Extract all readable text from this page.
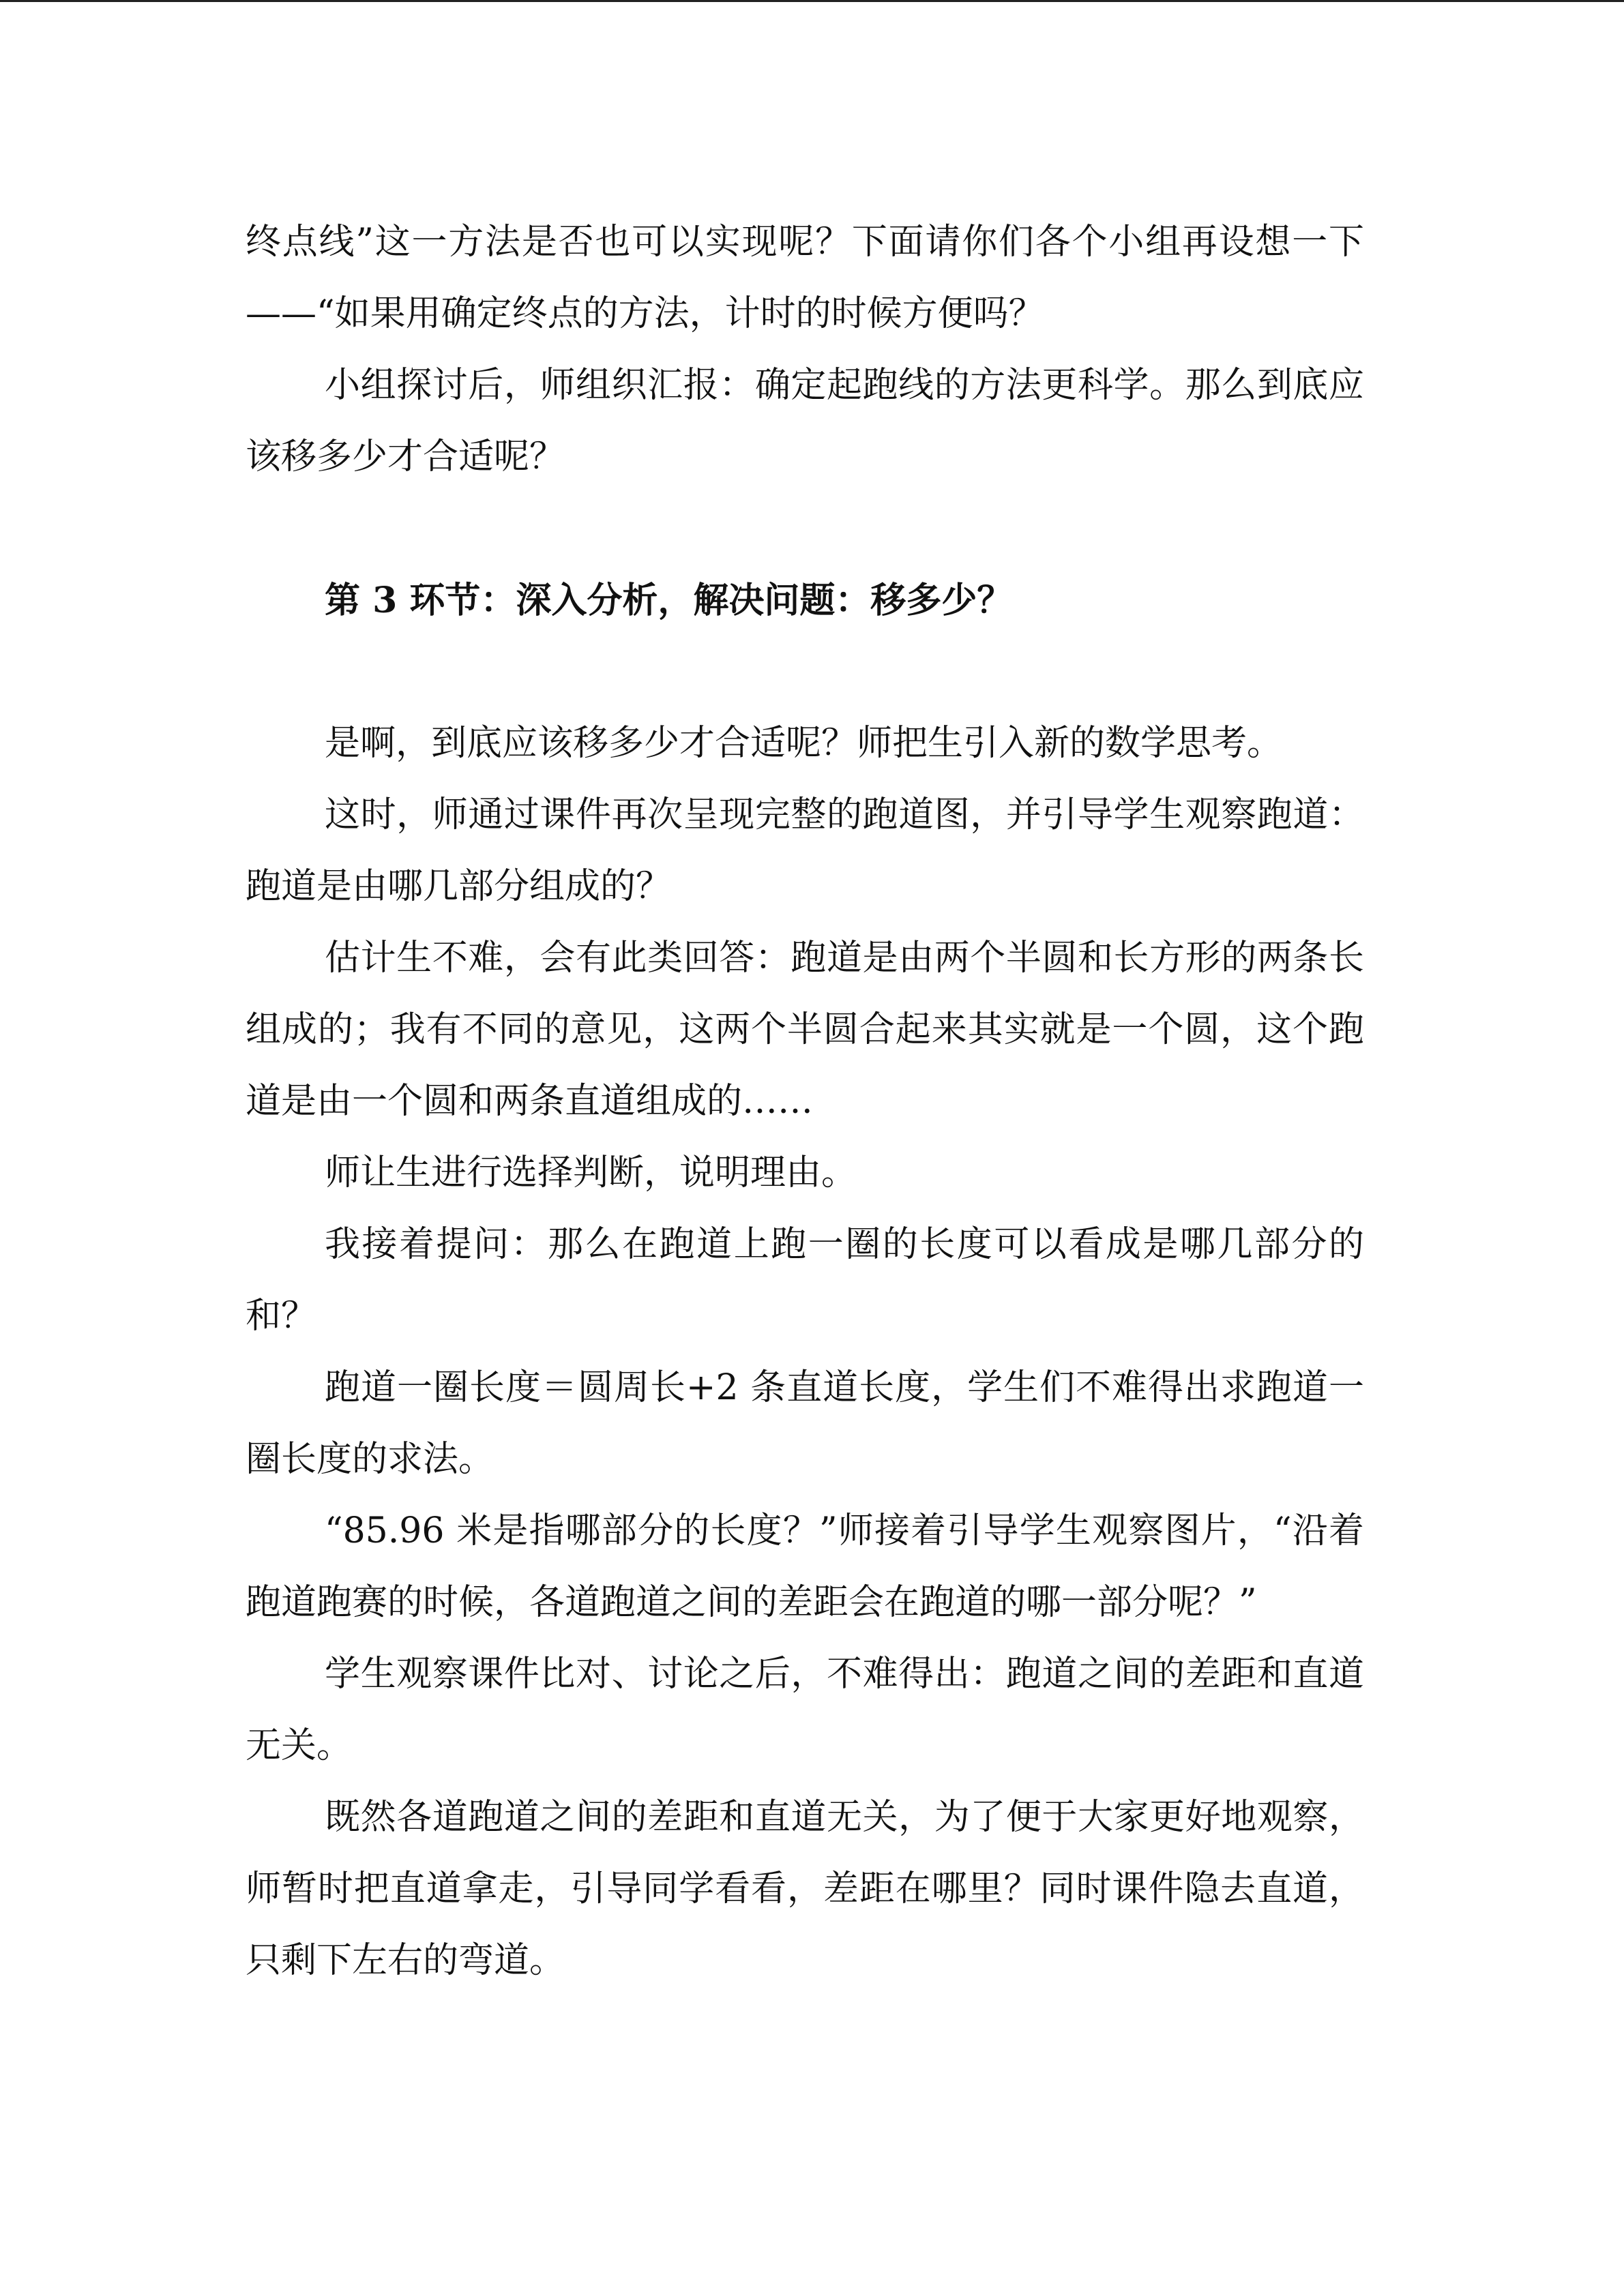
终点线”这一方法是否也可以实现呢？下面请你们各个小组再设想一下——“如果用确定终点的方法，计时的时候方便吗？

小组探讨后，师组织汇报：确定起跑线的方法更科学。那么到底应该移多少才合适呢？

第 3 环节：深入分析，解决问题：移多少？

是啊，到底应该移多少才合适呢？师把生引入新的数学思考。

这时，师通过课件再次呈现完整的跑道图，并引导学生观察跑道：跑道是由哪几部分组成的？

估计生不难，会有此类回答：跑道是由两个半圆和长方形的两条长组成的；我有不同的意见，这两个半圆合起来其实就是一个圆，这个跑道是由一个圆和两条直道组成的……

师让生进行选择判断，说明理由。

我接着提问：那么在跑道上跑一圈的长度可以看成是哪几部分的和？

跑道一圈长度＝圆周长+2 条直道长度，学生们不难得出求跑道一圈长度的求法。

“85.96 米是指哪部分的长度？”师接着引导学生观察图片，“沿着跑道跑赛的时候，各道跑道之间的差距会在跑道的哪一部分呢？”

学生观察课件比对、讨论之后，不难得出：跑道之间的差距和直道无关。

既然各道跑道之间的差距和直道无关，为了便于大家更好地观察，师暂时把直道拿走，引导同学看看，差距在哪里？同时课件隐去直道，只剩下左右的弯道。
